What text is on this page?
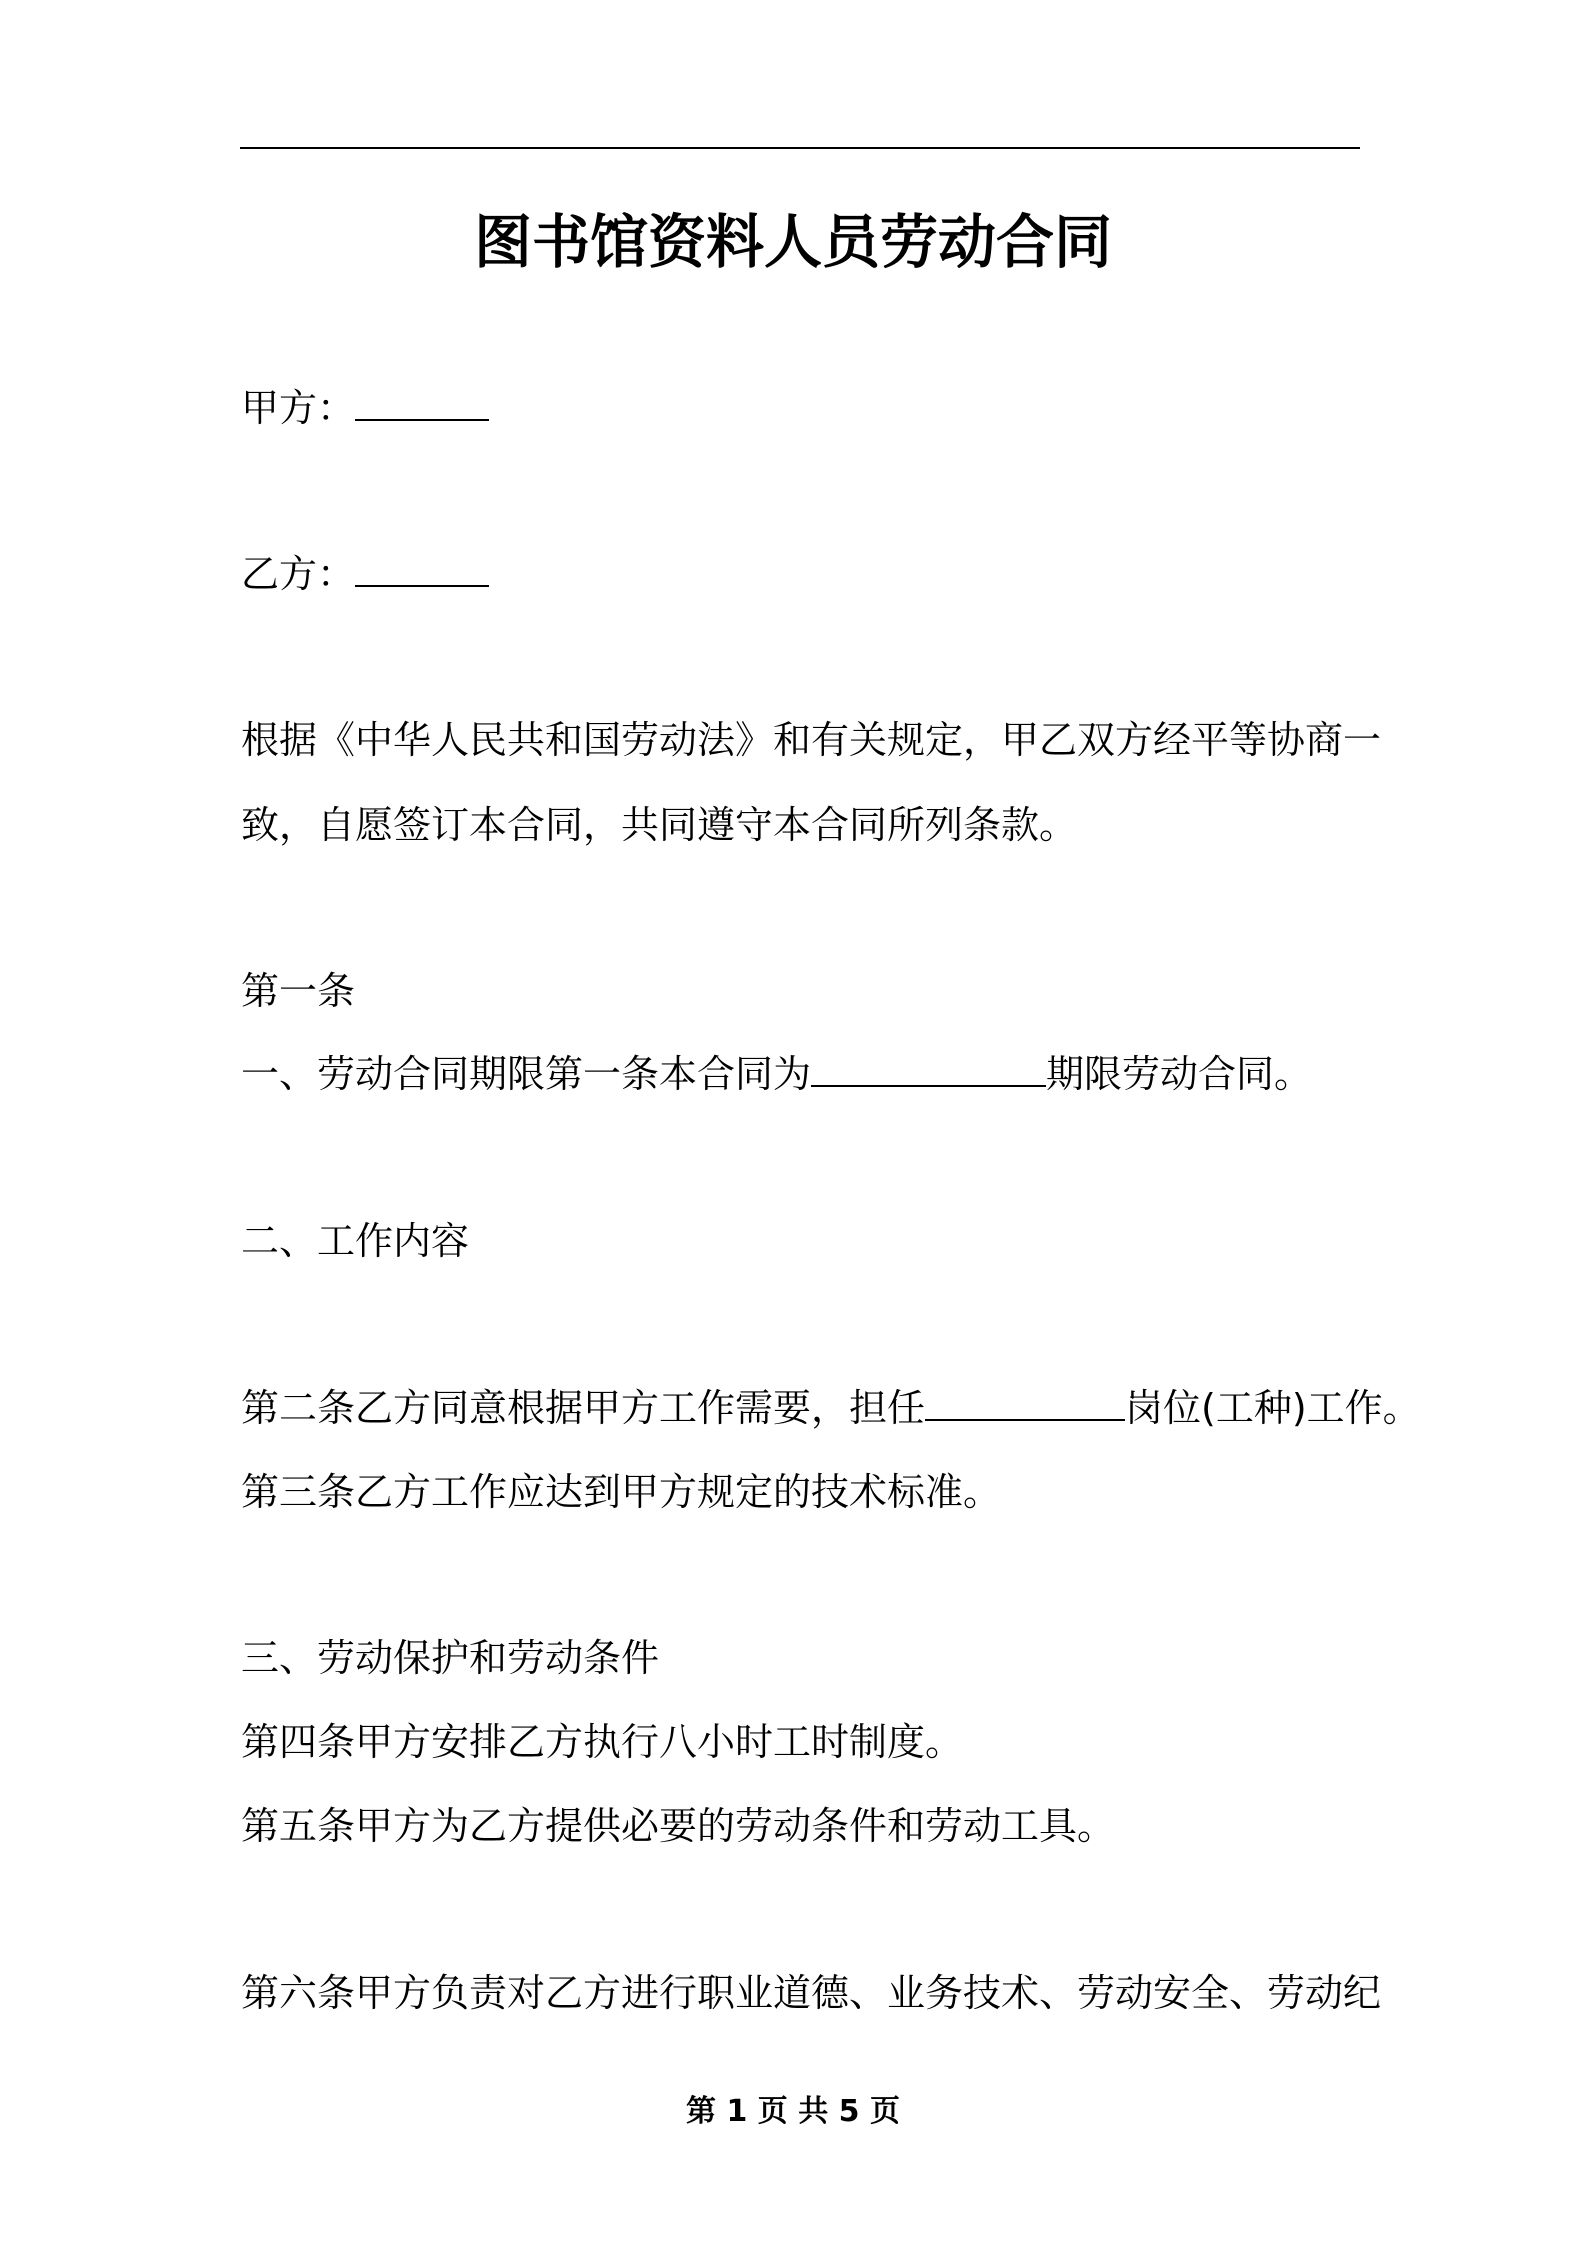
图书馆资料人员劳动合同
甲方：
乙方：
根据《中华人民共和国劳动法》和有关规定，甲乙双方经平等协商一
致，自愿签订本合同，共同遵守本合同所列条款。
第一条
一、劳动合同期限第一条本合同为	期限劳动合同。
二、工作内容
第二条乙方同意根据甲方工作需要，担任	岗位(工种)工作。
第三条乙方工作应达到甲方规定的技术标准。
三、劳动保护和劳动条件
第四条甲方安排乙方执行八小时工时制度。
第五条甲方为乙方提供必要的劳动条件和劳动工具。
第六条甲方负责对乙方进行职业道德、业务技术、劳动安全、劳动纪
第 1 页 共 5 页
